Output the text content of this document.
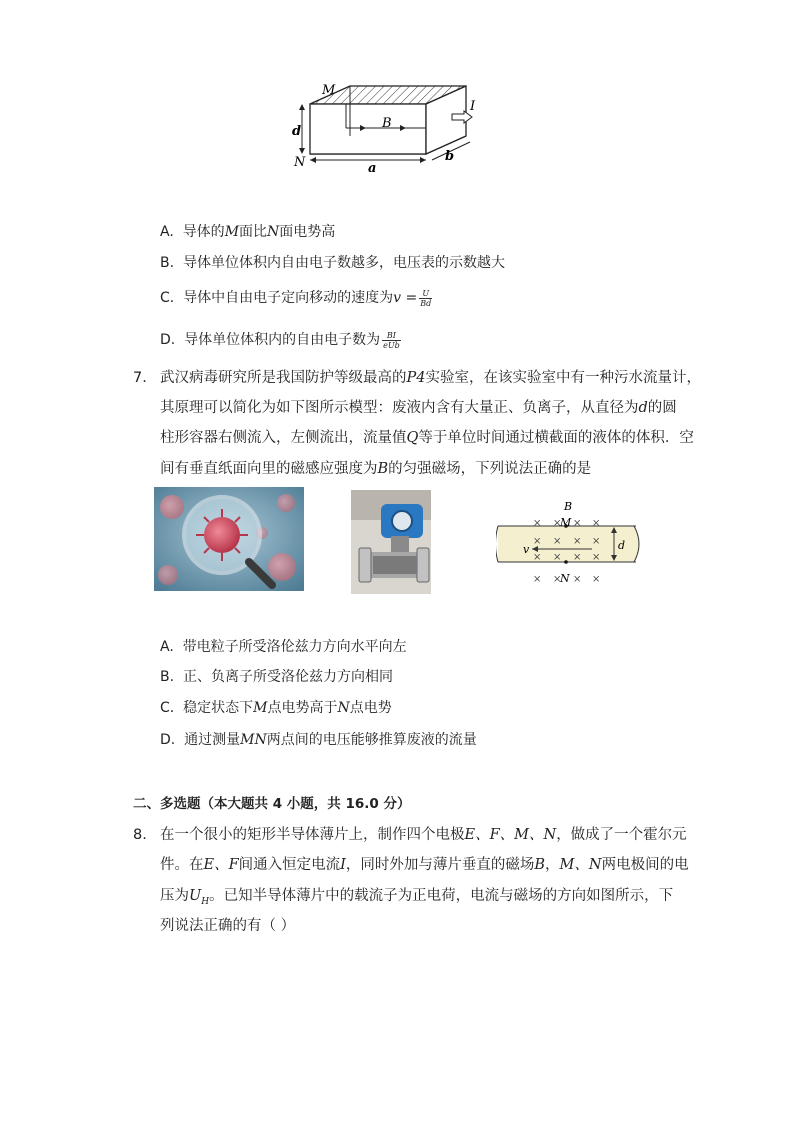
M
N
I
B
a
b
d
A. 导体的M面比N面电势高
B. 导体单位体积内自由电子数越多，电压表的示数越大
C. 导体中自由电子定向移动的速度为$v = \frac{U}{Bd}$
D. 导体单位体积内的自由电子数为 $\frac{BI}{\text{eUb}}$
7. 武汉病毒研究所是我国防护等级最高的P4实验室，在该实验室中有一种污水流量计，
其原理可以简化为如下图所示模型：废液内含有大量正、负离子，从直径为d的圆
柱形容器右侧流入，左侧流出，流量值Q等于单位时间通过横截面的液体的体积．空
间有垂直纸面向里的磁感应强度为B的匀强磁场，下列说法正确的是
× × × ×
× × × ×
× × × ×
× × × ×
B
M
N
v	d
A. 带电粒子所受洛伦兹力方向水平向左
B. 正、负离子所受洛伦兹力方向相同
C. 稳定状态下M点电势高于N点电势
D. 通过测量MN两点间的电压能够推算废液的流量
二、多选题（本大题共 4 小题，共 16.0 分）
8. 在一个很小的矩形半导体薄片上，制作四个电极E、F、M、N，做成了一个霍尔元
件。在E、F间通入恒定电流I，同时外加与薄片垂直的磁场B，M、N两电极间的电
压为$U_H$。已知半导体薄片中的载流子为正电荷，电流与磁场的方向如图所示，下
列说法正确的有（ ）
